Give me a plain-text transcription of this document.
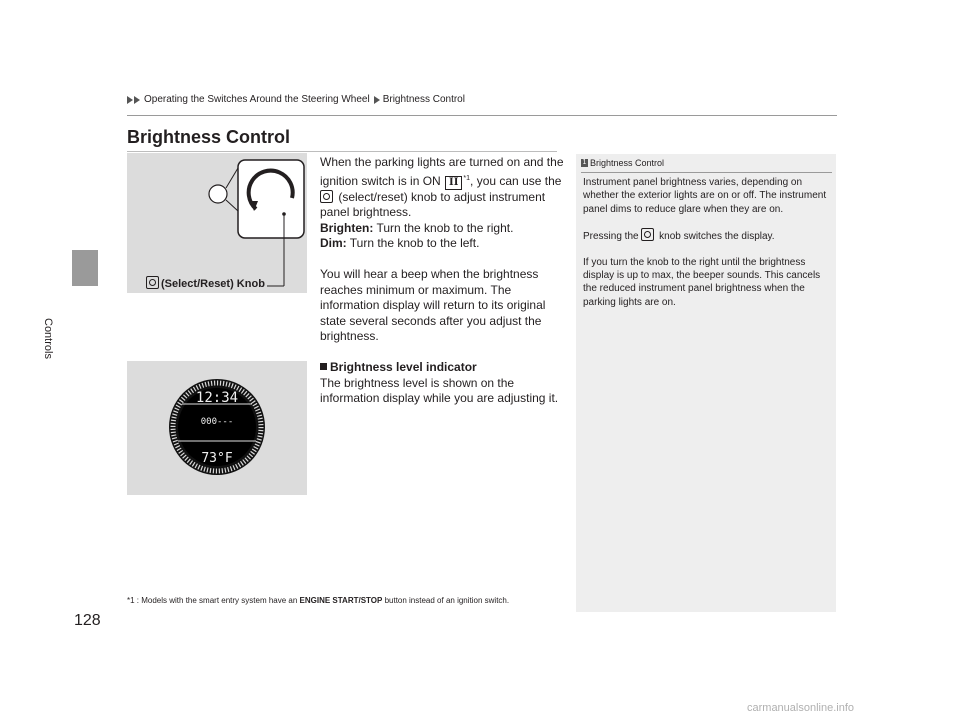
Controls
Operating the Switches Around the Steering Wheel Brightness Control
Brightness Control
(Select/Reset) Knob
12:34
000---
73°F

When the parking lights are turned on and the ignition switch is in ON II $^{*1}$, you can use the
(select/reset) knob to adjust instrument panel brightness.

Brighten: Turn the knob to the right.

Dim: Turn the knob to the left.

You will hear a beep when the brightness reaches minimum or maximum. The information display will return to its original state several seconds after you adjust the brightness.

Brightness level indicator

The brightness level is shown on the information display while you are adjusting it.

1 Brightness Control

Instrument panel brightness varies, depending on whether the exterior lights are on or off. The instrument panel dims to reduce glare when they are on.

Pressing the  knob switches the display.

If you turn the knob to the right until the brightness display is up to max, the beeper sounds. This cancels the reduced instrument panel brightness when the parking lights are on.

*1 : Models with the smart entry system have an ENGINE START/STOP button instead of an ignition switch.
128
carmanualsonline.info
